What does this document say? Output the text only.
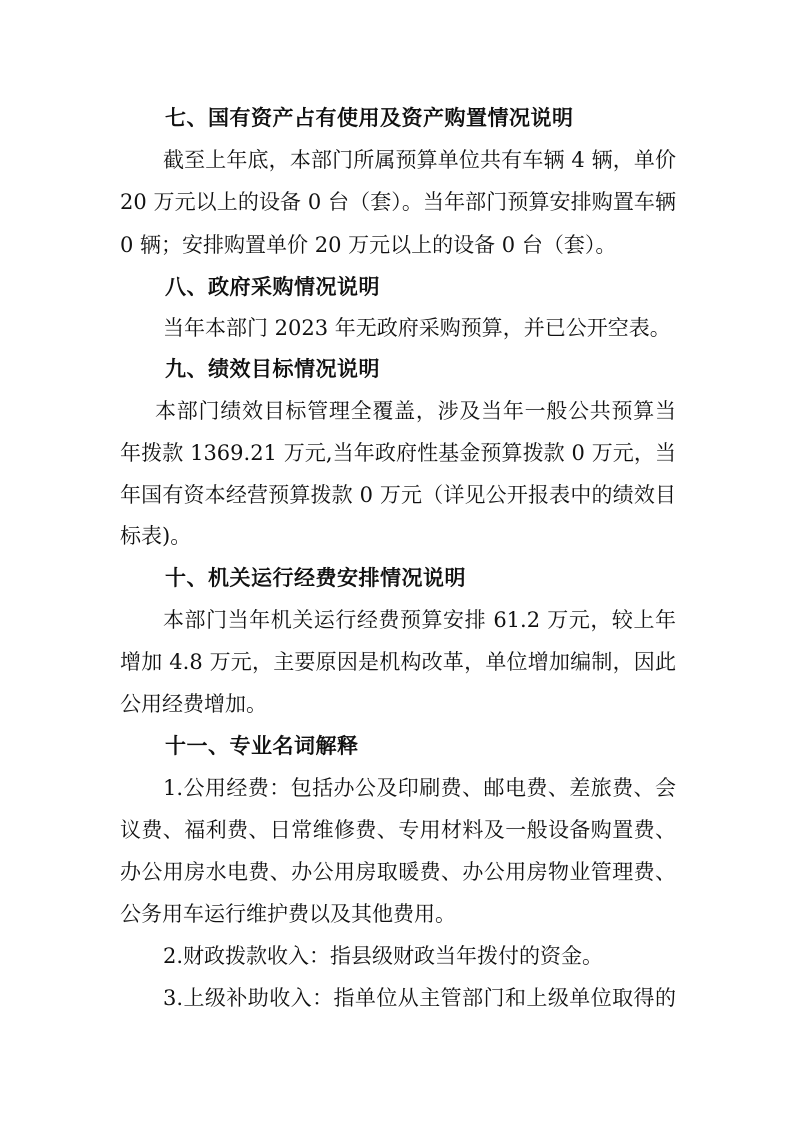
七、国有资产占有使用及资产购置情况说明
截至上年底，本部门所属预算单位共有车辆 4 辆，单价
20 万元以上的设备 0 台（套）。当年部门预算安排购置车辆
0 辆；安排购置单价 20 万元以上的设备 0 台（套）。
八、政府采购情况说明
当年本部门 2023 年无政府采购预算，并已公开空表。
九、绩效目标情况说明
本部门绩效目标管理全覆盖，涉及当年一般公共预算当
年拨款 1369.21 万元,当年政府性基金预算拨款 0 万元，当
年国有资本经营预算拨款 0 万元（详见公开报表中的绩效目
标表)。
十、机关运行经费安排情况说明
本部门当年机关运行经费预算安排 61.2 万元，较上年
增加 4.8 万元，主要原因是机构改革，单位增加编制，因此
公用经费增加。
十一、专业名词解释
1.公用经费：包括办公及印刷费、邮电费、差旅费、会
议费、福利费、日常维修费、专用材料及一般设备购置费、
办公用房水电费、办公用房取暖费、办公用房物业管理费、
公务用车运行维护费以及其他费用。
2.财政拨款收入：指县级财政当年拨付的资金。
3.上级补助收入：指单位从主管部门和上级单位取得的
